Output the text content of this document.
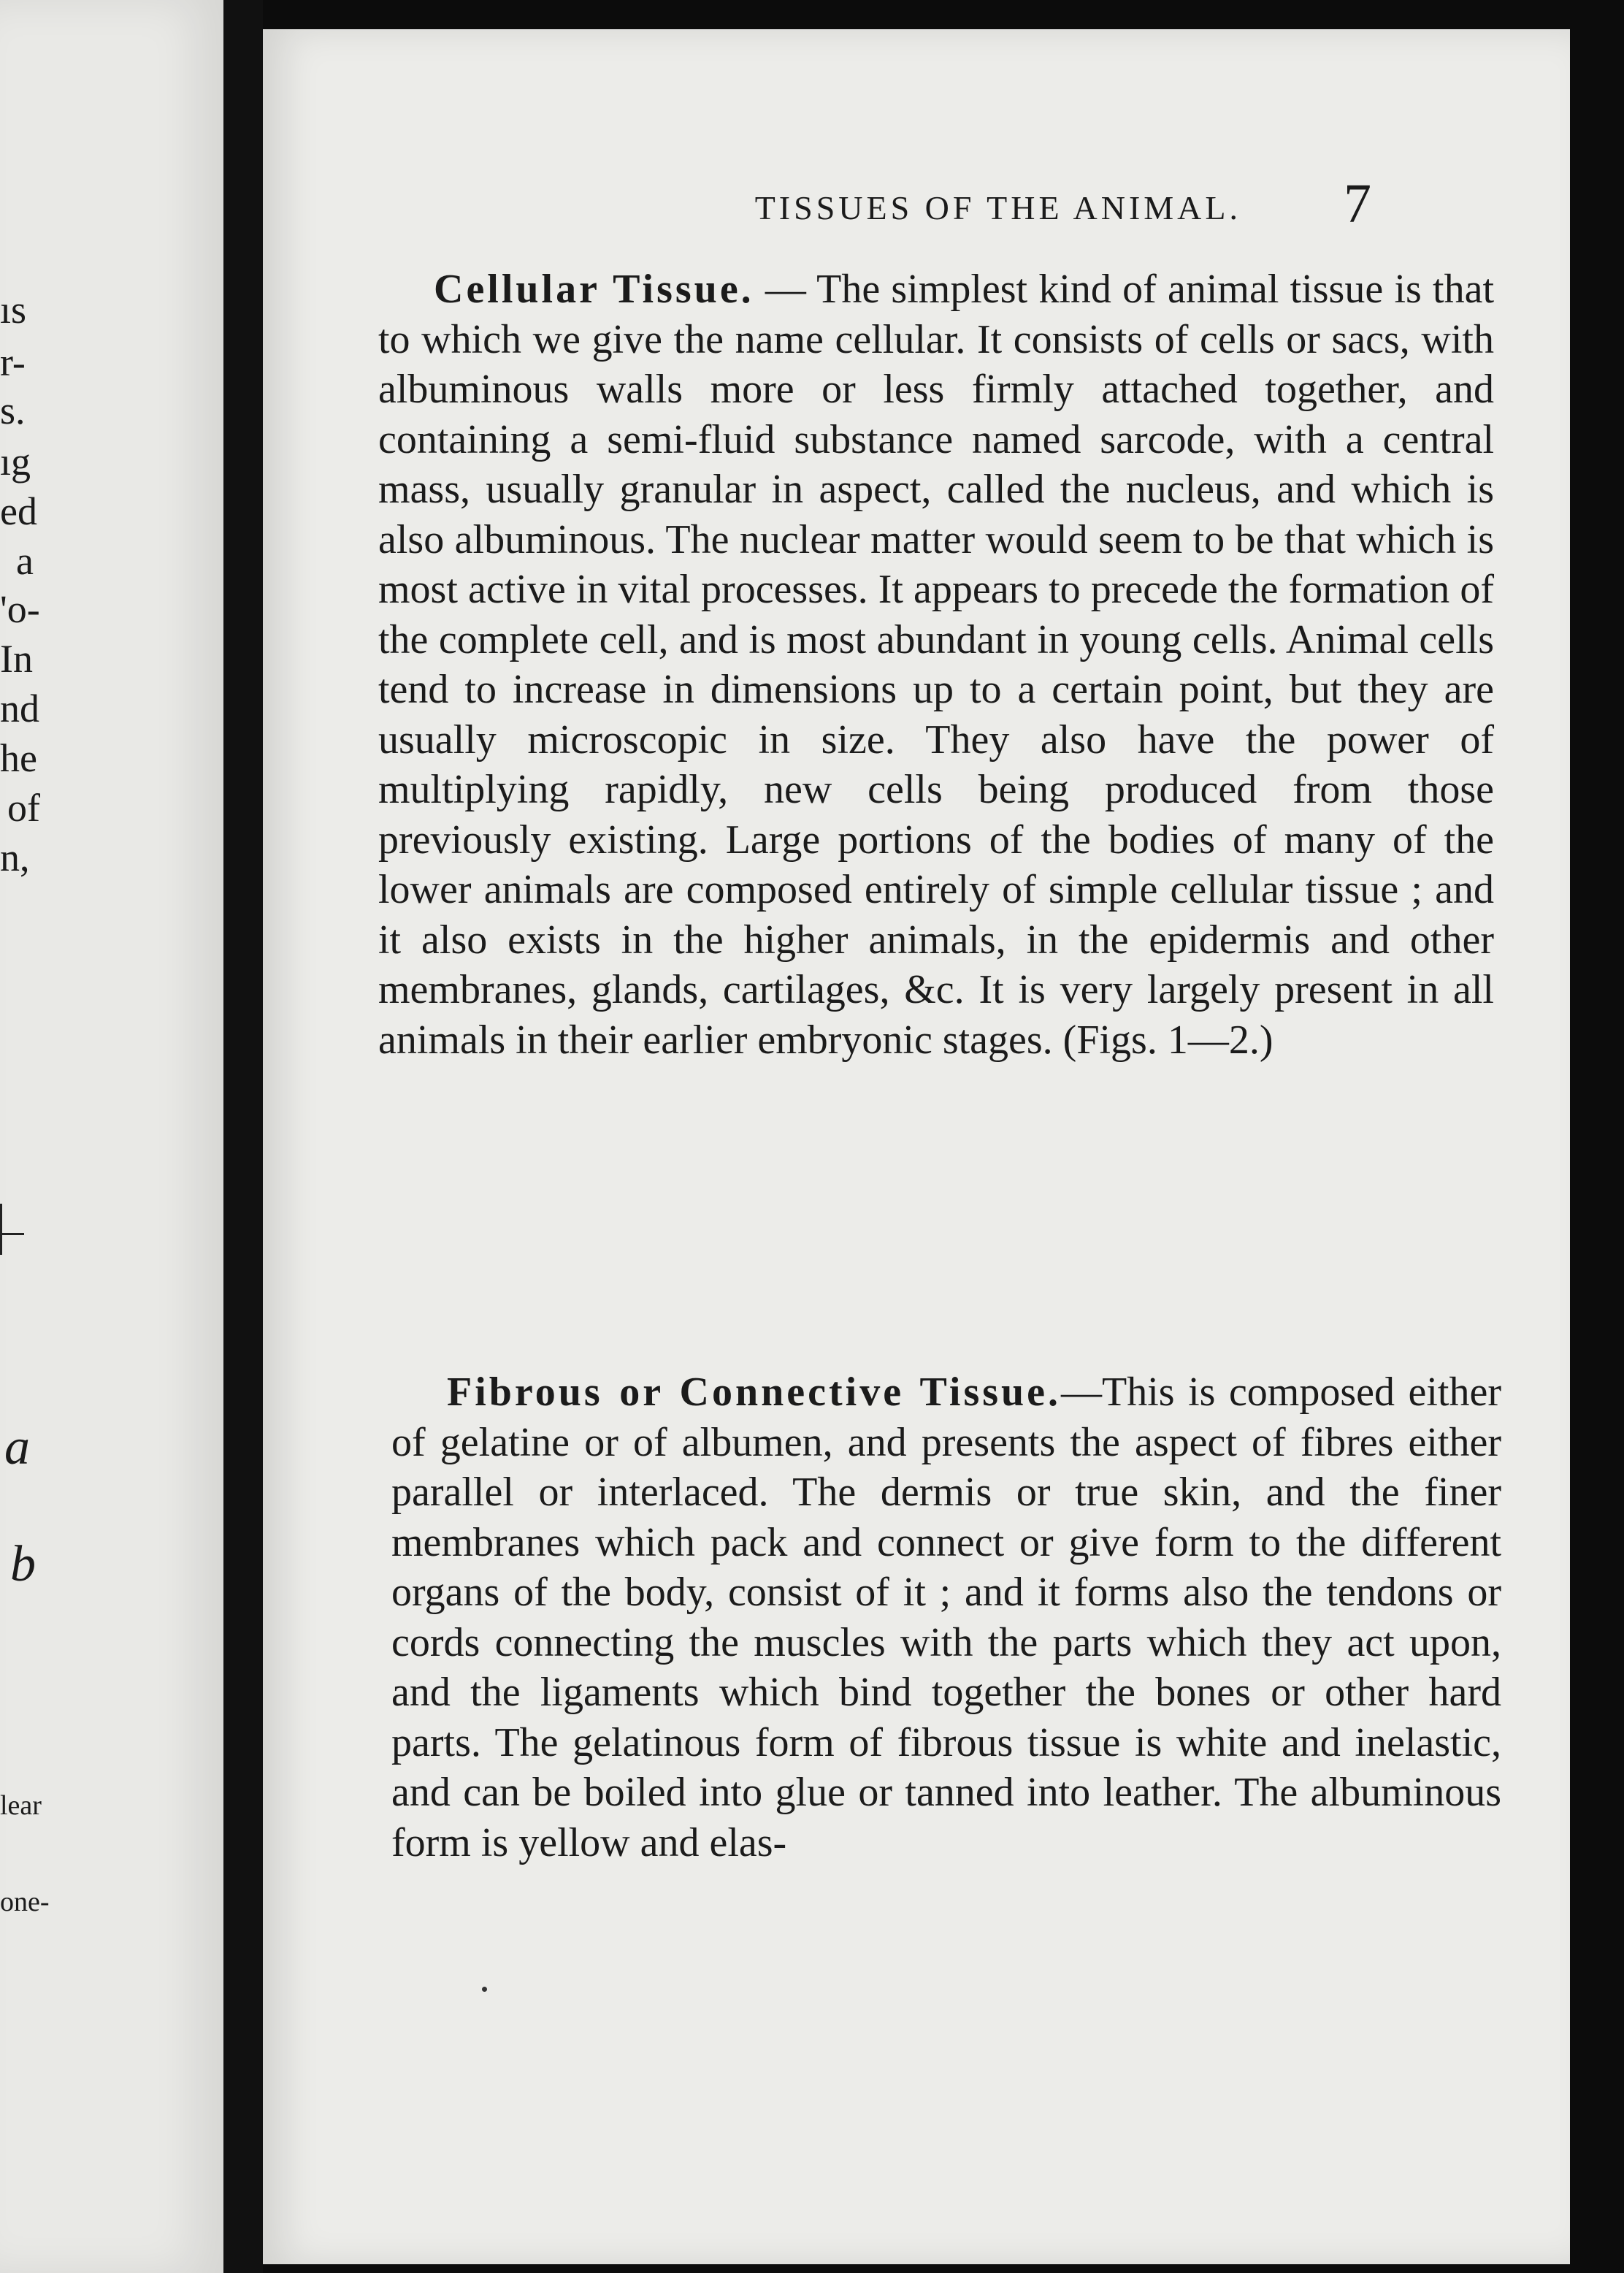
ıs

r-

s.

ıg

ed

a

'o-

In

nd

he

of

n,

a

b

lear

one-

TISSUES OF THE ANIMAL. 7

Cellular Tissue. — The simplest kind of animal tissue is that to which we give the name cellular. It consists of cells or sacs, with albuminous walls more or less firmly attached together, and containing a semi-fluid substance named sarcode, with a central mass, usually granular in aspect, called the nucleus, and which is also albuminous. The nuclear matter would seem to be that which is most active in vital processes. It appears to precede the formation of the complete cell, and is most abundant in young cells. Animal cells tend to increase in dimensions up to a certain point, but they are usually microscopic in size. They also have the power of multiplying rapidly, new cells being produced from those previously existing. Large portions of the bodies of many of the lower animals are composed entirely of simple cellular tissue ; and it also exists in the higher animals, in the epidermis and other membranes, glands, cartilages, &c. It is very largely present in all animals in their earlier embryonic stages. (Figs. 1—2.)

Fibrous or Connective Tissue.—This is composed either of gelatine or of albumen, and presents the aspect of fibres either parallel or interlaced. The dermis or true skin, and the finer membranes which pack and connect or give form to the different organs of the body, consist of it ; and it forms also the tendons or cords connecting the muscles with the parts which they act upon, and the ligaments which bind together the bones or other hard parts. The gelatinous form of fibrous tissue is white and inelastic, and can be boiled into glue or tanned into leather. The albuminous form is yellow and elas-
